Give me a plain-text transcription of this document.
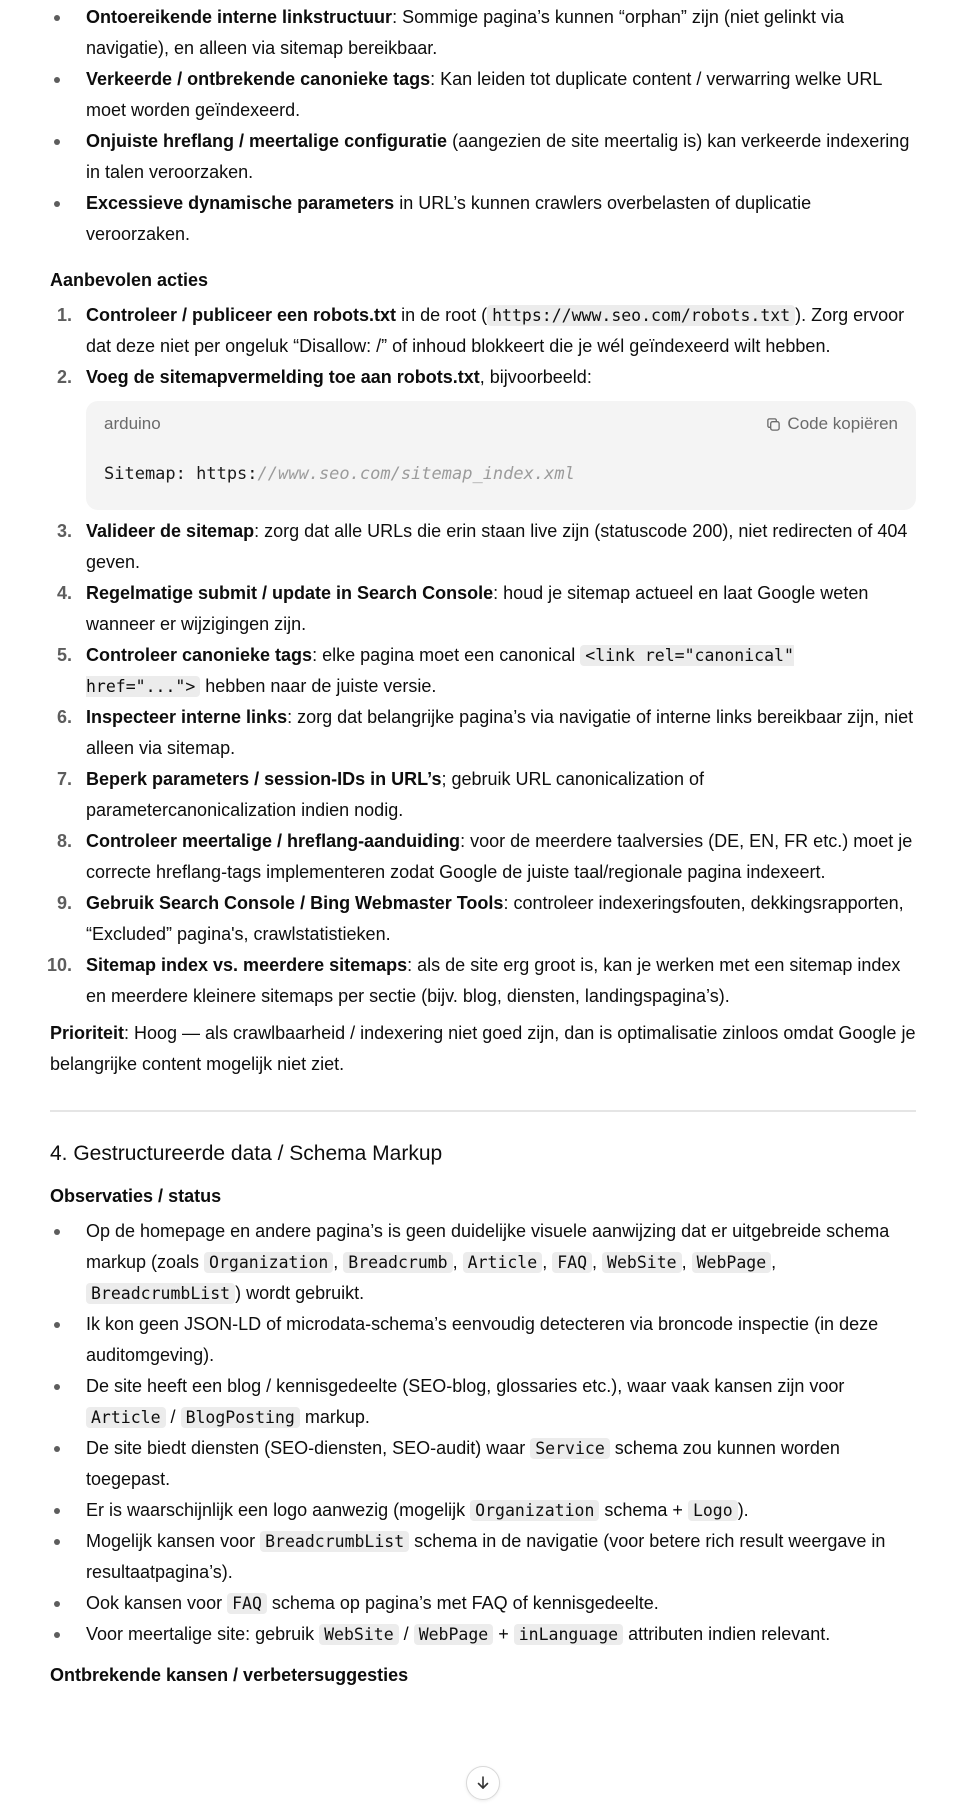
Ontoereikende interne linkstructuur: Sommige pagina’s kunnen “orphan” zijn (niet gelinkt via navigatie), en alleen via sitemap bereikbaar.
Verkeerde / ontbrekende canonieke tags: Kan leiden tot duplicate content / verwarring welke URL moet worden geïndexeerd.
Onjuiste hreflang / meertalige configuratie (aangezien de site meertalig is) kan verkeerde indexering in talen veroorzaken.
Excessieve dynamische parameters in URL’s kunnen crawlers overbelasten of duplicatie veroorzaken.
Aanbevolen acties
1. Controleer / publiceer een robots.txt in de root ( https://www.seo.com/robots.txt ). Zorg ervoor dat deze niet per ongeluk “Disallow: /” of inhoud blokkeert die je wél geïndexeerd wilt hebben.
2. Voeg de sitemapvermelding toe aan robots.txt, bijvoorbeeld:
arduino	Code kopiëren
Sitemap: https://www.seo.com/sitemap_index.xml
3. Valideer de sitemap: zorg dat alle URLs die erin staan live zijn (statuscode 200), niet redirecten of 404 geven.
4. Regelmatige submit / update in Search Console: houd je sitemap actueel en laat Google weten wanneer er wijzigingen zijn.
5. Controleer canonieke tags: elke pagina moet een canonical <link rel="canonical" href="..."> hebben naar de juiste versie.
6. Inspecteer interne links: zorg dat belangrijke pagina’s via navigatie of interne links bereikbaar zijn, niet alleen via sitemap.
7. Beperk parameters / session-IDs in URL’s; gebruik URL canonicalization of parametercanonicalization indien nodig.
8. Controleer meertalige / hreflang-aanduiding: voor de meerdere taalversies (DE, EN, FR etc.) moet je correcte hreflang-tags implementeren zodat Google de juiste taal/regionale pagina indexeert.
9. Gebruik Search Console / Bing Webmaster Tools: controleer indexeringsfouten, dekkingsrapporten, “Excluded” pagina's, crawlstatistieken.
10. Sitemap index vs. meerdere sitemaps: als de site erg groot is, kan je werken met een sitemap index en meerdere kleinere sitemaps per sectie (bijv. blog, diensten, landingspagina’s).

Prioriteit: Hoog — als crawlbaarheid / indexering niet goed zijn, dan is optimalisatie zinloos omdat Google je belangrijke content mogelijk niet ziet.

4. Gestructureerde data / Schema Markup
Observaties / status
Op de homepage en andere pagina’s is geen duidelijke visuele aanwijzing dat er uitgebreide schema markup (zoals Organization , Breadcrumb , Article , FAQ , WebSite , WebPage , BreadcrumbList ) wordt gebruikt.
Ik kon geen JSON-LD of microdata-schema’s eenvoudig detecteren via broncode inspectie (in deze auditomgeving).
De site heeft een blog / kennisgedeelte (SEO-blog, glossaries etc.), waar vaak kansen zijn voor Article / BlogPosting markup.
De site biedt diensten (SEO-diensten, SEO-audit) waar Service schema zou kunnen worden toegepast.
Er is waarschijnlijk een logo aanwezig (mogelijk Organization schema + Logo ).
Mogelijk kansen voor BreadcrumbList schema in de navigatie (voor betere rich result weergave in resultaatpagina’s).
Ook kansen voor FAQ schema op pagina’s met FAQ of kennisgedeelte.
Voor meertalige site: gebruik WebSite / WebPage + inLanguage attributen indien relevant.
Ontbrekende kansen / verbetersuggesties
